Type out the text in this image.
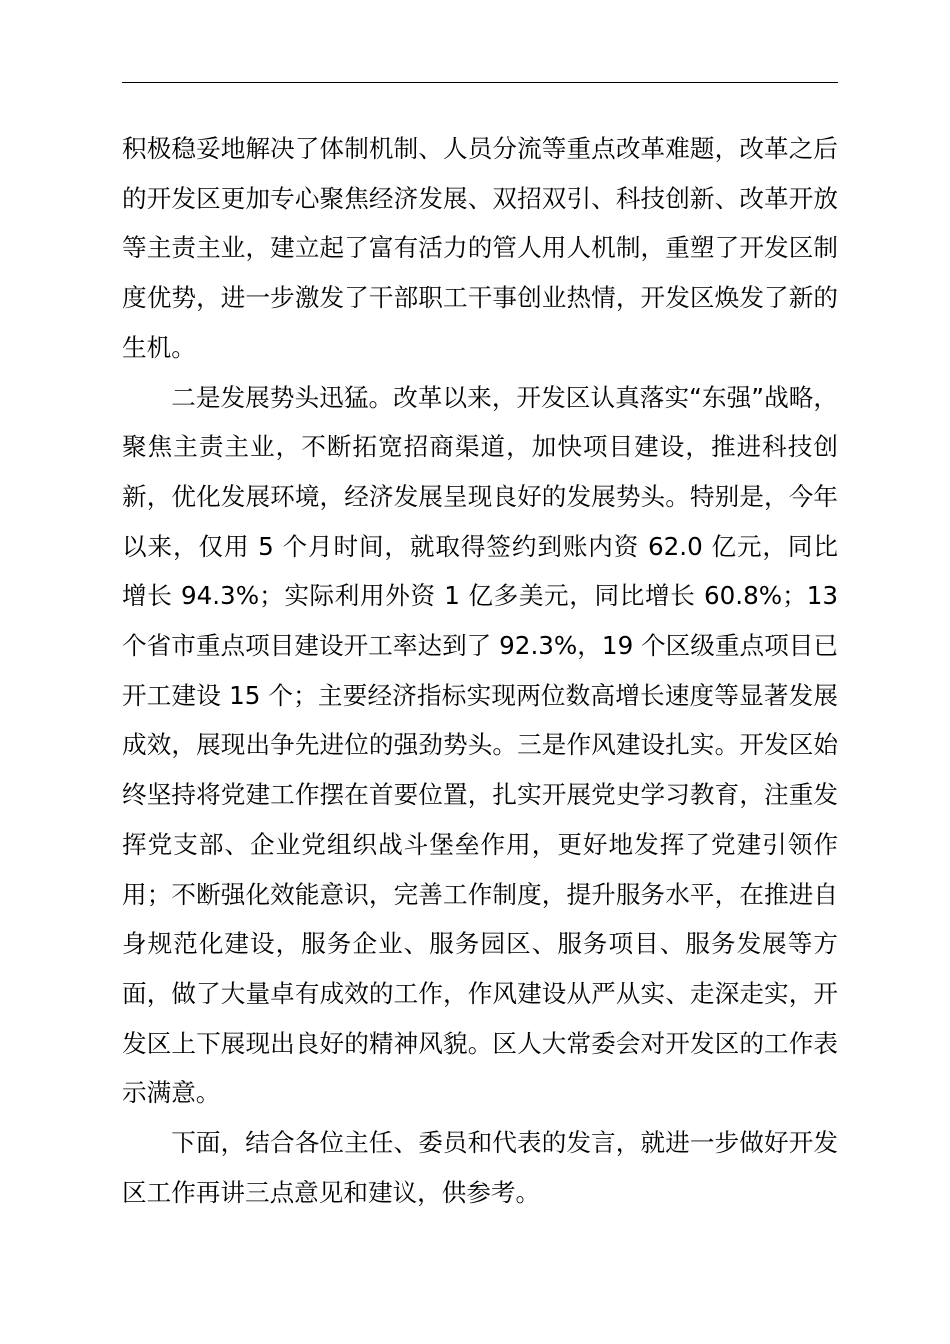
积极稳妥地解决了体制机制、人员分流等重点改革难题，改革之后的开发区更加专心聚焦经济发展、双招双引、科技创新、改革开放等主责主业，建立起了富有活力的管人用人机制，重塑了开发区制度优势，进一步激发了干部职工干事创业热情，开发区焕发了新的生机。

二是发展势头迅猛。改革以来，开发区认真落实“东强”战略，聚焦主责主业，不断拓宽招商渠道，加快项目建设，推进科技创新，优化发展环境，经济发展呈现良好的发展势头。特别是，今年以来，仅用 5 个月时间，就取得签约到账内资 62.0 亿元，同比增长 94.3%；实际利用外资 1 亿多美元，同比增长 60.8%；13 个省市重点项目建设开工率达到了 92.3%，19 个区级重点项目已开工建设 15 个；主要经济指标实现两位数高增长速度等显著发展成效，展现出争先进位的强劲势头。三是作风建设扎实。开发区始终坚持将党建工作摆在首要位置，扎实开展党史学习教育，注重发挥党支部、企业党组织战斗堡垒作用，更好地发挥了党建引领作用；不断强化效能意识，完善工作制度，提升服务水平，在推进自身规范化建设，服务企业、服务园区、服务项目、服务发展等方面，做了大量卓有成效的工作，作风建设从严从实、走深走实，开发区上下展现出良好的精神风貌。区人大常委会对开发区的工作表示满意。

下面，结合各位主任、委员和代表的发言，就进一步做好开发区工作再讲三点意见和建议，供参考。
